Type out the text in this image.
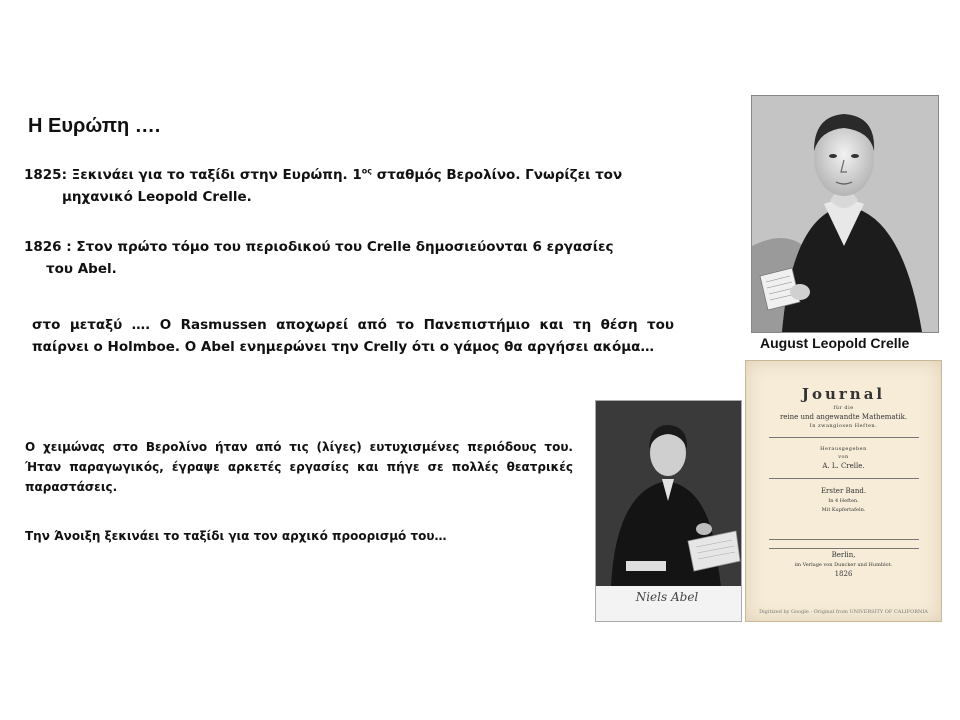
Η Ευρώπη ….
1825: Ξεκινάει για το ταξίδι στην Ευρώπη. $1^{o\varsigma}$ σταθμός Βερολίνο. Γνωρίζει τον
μηχανικό Leopold Crelle.
1826 : Στον πρώτο τόμο του περιοδικού του Crelle δημοσιεύονται 6 εργασίες
του Abel.
στο μεταξύ …. Ο Rasmussen αποχωρεί από το Πανεπιστήμιο και τη θέση του παίρνει ο Holmboe. Ο Abel ενημερώνει την Crelly ότι ο γάμος θα αργήσει ακόμα…
Ο χειμώνας στο Βερολίνο ήταν από τις (λίγες) ευτυχισμένες περιόδους του. Ήταν παραγωγικός, έγραψε αρκετές εργασίες και πήγε σε πολλές θεατρικές παραστάσεις.
Την Άνοιξη ξεκινάει το ταξίδι για τον αρχικό προορισμό του…
August Leopold Crelle
Niels Abel
Journal
für die
reine und angewandte Mathematik.
In zwanglosen Heften.
Herausgegeben
von
A. L. Crelle.
Erster Band.
In 4 Heften.
Mit Kupfertafeln.
Berlin,
im Verlage von Duncker und Humblot.
1826
Digitized by Google · Original from UNIVERSITY OF CALIFORNIA
